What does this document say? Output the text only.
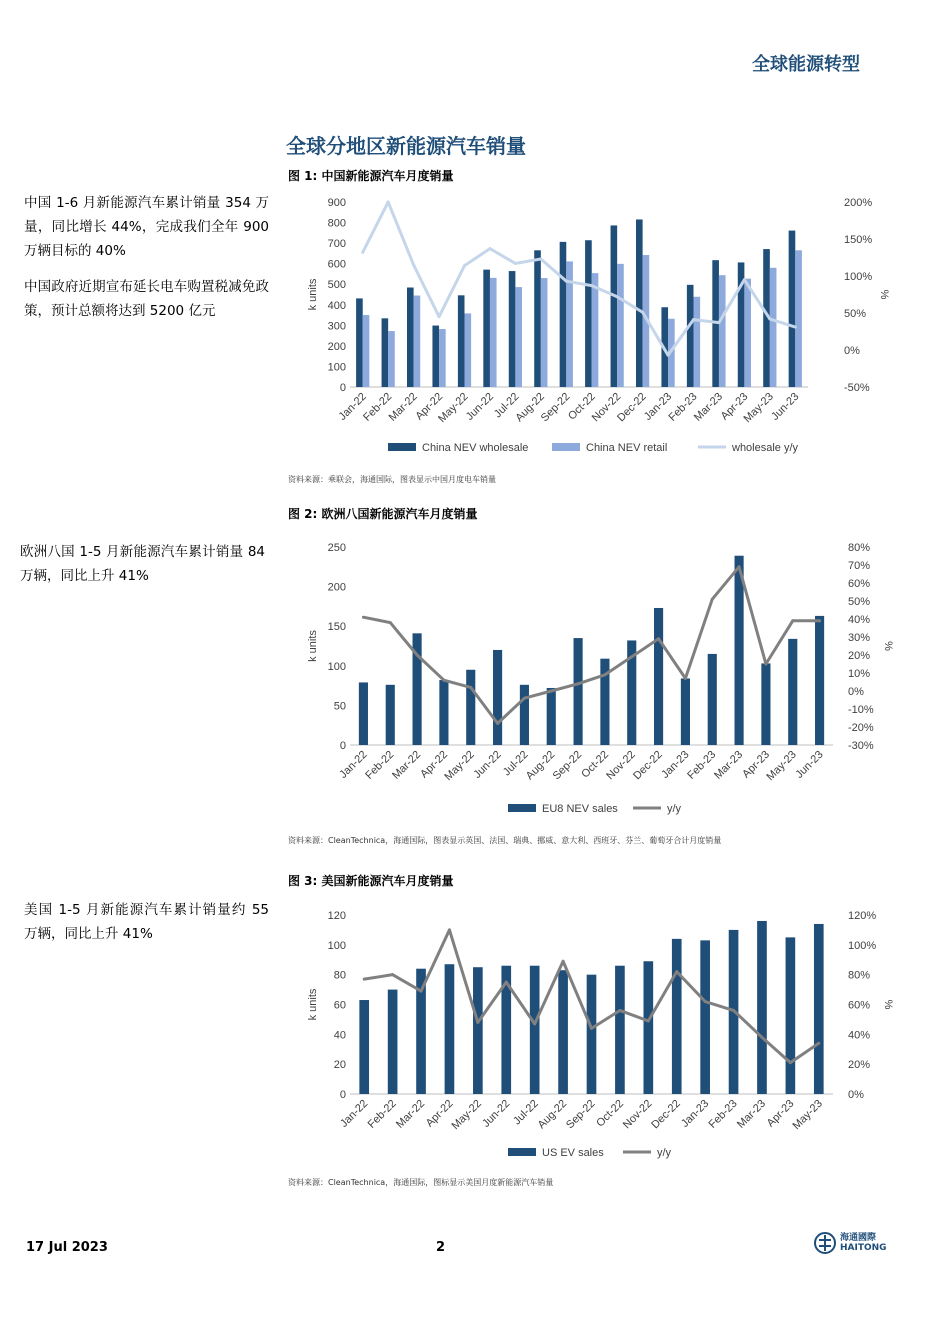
全球能源转型
全球分地区新能源汽车销量
中国 1-6 月新能源汽车累计销量 354 万量，同比增长 44%，完成我们全年 900 万辆目标的 40%
中国政府近期宣布延长电车购置税减免政策，预计总额将达到 5200 亿元
欧洲八国 1-5 月新能源汽车累计销量 84 万辆，同比上升 41%
美国 1-5 月新能源汽车累计销量约 55 万辆，同比上升 41%
图 1: 中国新能源汽车月度销量
0
100
200
300
400
500
600
700
800
900
-50%
0%
50%
100%
150%
200%
k units	%
Jan-22
Feb-22
Mar-22
Apr-22
May-22
Jun-22
Jul-22
Aug-22
Sep-22
Oct-22
Nov-22
Dec-22
Jan-23
Feb-23
Mar-23
Apr-23
May-23
Jun-23
China NEV wholesale	China NEV retail	wholesale y/y
资料来源：乘联会，海通国际，图表显示中国月度电车销量
图 2: 欧洲八国新能源汽车月度销量
0
50
100
150
200
250
-30%
-20%
-10%
0%
10%
20%
30%
40%
50%
60%
70%
80%
k units	%
Jan-22
Feb-22
Mar-22
Apr-22
May-22
Jun-22
Jul-22
Aug-22
Sep-22
Oct-22
Nov-22
Dec-22
Jan-23
Feb-23
Mar-23
Apr-23
May-23
Jun-23
EU8 NEV sales	y/y
资料来源：CleanTechnica，海通国际，图表显示英国、法国、瑞典、挪威、意大利、西班牙、芬兰、葡萄牙合计月度销量
图 3: 美国新能源汽车月度销量
0
20
40
60
80
100
120
0%
20%
40%
60%
80%
100%
120%
k units	%
Jan-22
Feb-22
Mar-22
Apr-22
May-22
Jun-22
Jul-22
Aug-22
Sep-22
Oct-22
Nov-22
Dec-22
Jan-23
Feb-23
Mar-23
Apr-23
May-23
US EV sales	y/y
资料来源：CleanTechnica，海通国际，图标显示美国月度新能源汽车销量
17 Jul 2023	2
海通國際
HAITONG
